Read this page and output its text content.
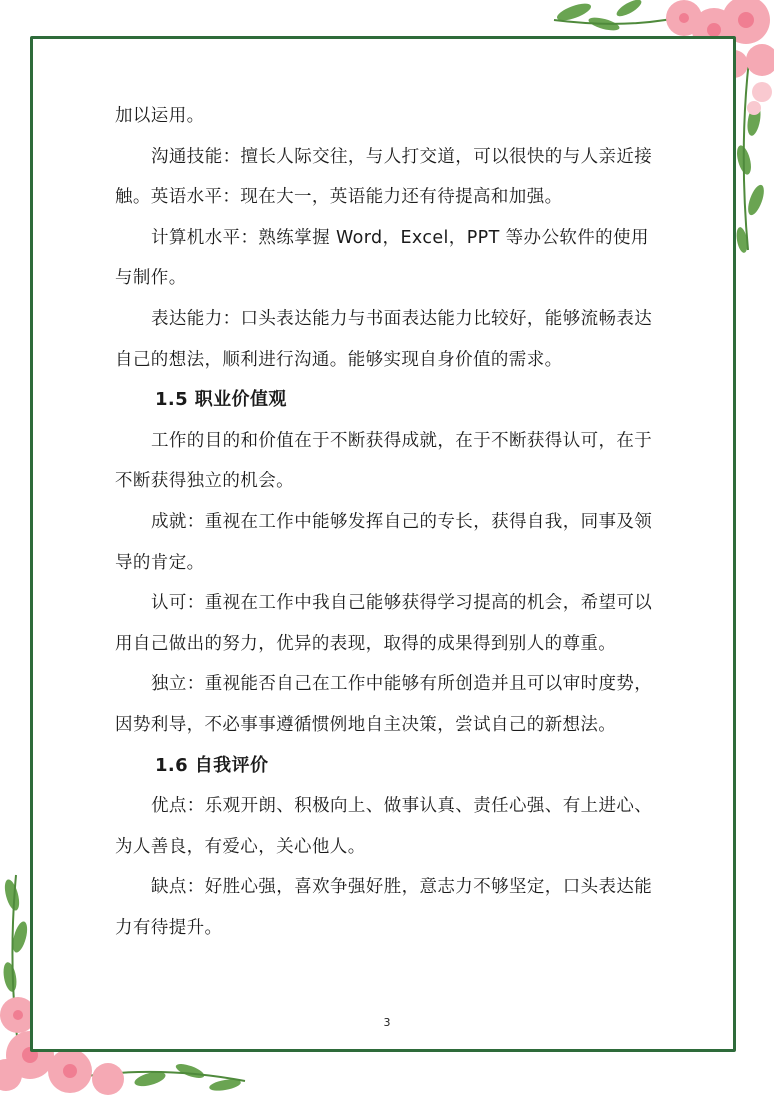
加以运用。

沟通技能：擅长人际交往，与人打交道，可以很快的与人亲近接触。英语水平：现在大一，英语能力还有待提高和加强。

计算机水平：熟练掌握 Word，Excel，PPT 等办公软件的使用与制作。

表达能力：口头表达能力与书面表达能力比较好，能够流畅表达自己的想法，顺利进行沟通。能够实现自身价值的需求。

1.5 职业价值观

工作的目的和价值在于不断获得成就，在于不断获得认可，在于不断获得独立的机会。

成就：重视在工作中能够发挥自己的专长，获得自我，同事及领导的肯定。

认可：重视在工作中我自己能够获得学习提高的机会，希望可以用自己做出的努力，优异的表现，取得的成果得到别人的尊重。

独立：重视能否自己在工作中能够有所创造并且可以审时度势，因势利导，不必事事遵循惯例地自主决策，尝试自己的新想法。

1.6 自我评价

优点：乐观开朗、积极向上、做事认真、责任心强、有上进心、为人善良，有爱心，关心他人。

缺点：好胜心强，喜欢争强好胜，意志力不够坚定，口头表达能力有待提升。

3
